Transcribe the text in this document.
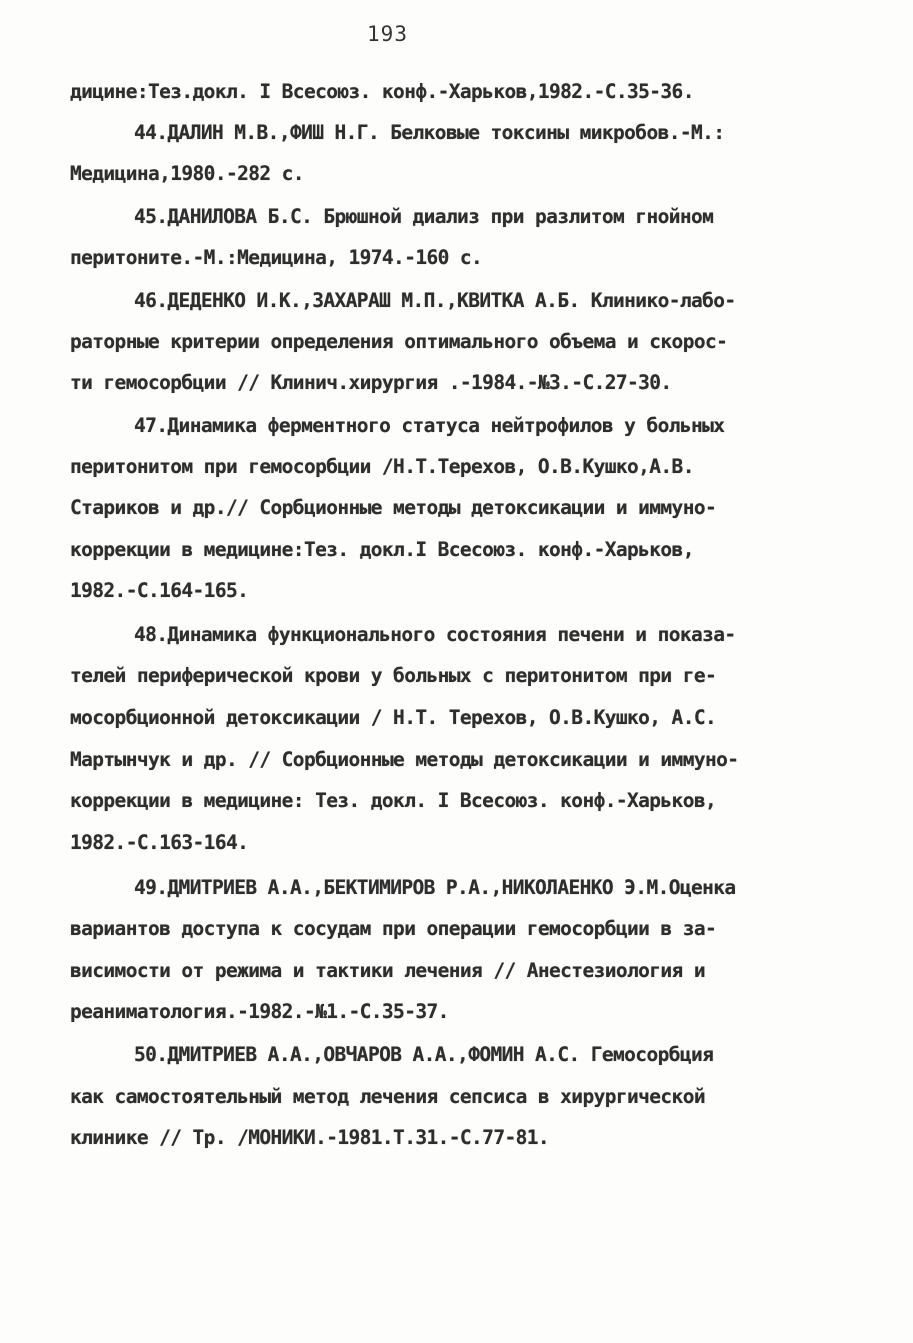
193
дицине:Тез.докл. I Всесоюз. конф.-Харьков,1982.-С.35-36.
44.ДАЛИН М.В.,ФИШ Н.Г. Белковые токсины микробов.-М.:
Медицина,1980.-282 с.
45.ДАНИЛОВА Б.С. Брюшной диализ при разлитом гнойном
перитоните.-М.:Медицина, 1974.-160 с.
46.ДЕДЕНКО И.К.,ЗАХАРАШ М.П.,КВИТКА А.Б. Клинико-лабо-
раторные критерии определения оптимального объема и скорос-
ти гемосорбции // Клинич.хирургия .-1984.-№3.-С.27-30.
47.Динамика ферментного статуса нейтрофилов у больных
перитонитом при гемосорбции /Н.Т.Терехов, О.В.Кушко,А.В.
Стариков и др.// Сорбционные методы детоксикации и иммуно-
коррекции в медицине:Тез. докл.I Всесоюз. конф.-Харьков,
1982.-С.164-165.
48.Динамика функционального состояния печени и показа-
телей периферической крови у больных с перитонитом при ге-
мосорбционной детоксикации / Н.Т. Терехов, О.В.Кушко, А.С.
Мартынчук и др. // Сорбционные методы детоксикации и иммуно-
коррекции в медицине: Тез. докл. I Всесоюз. конф.-Харьков,
1982.-С.163-164.
49.ДМИТРИЕВ А.А.,БЕКТИМИРОВ Р.А.,НИКОЛАЕНКО Э.М.Оценка
вариантов доступа к сосудам при операции гемосорбции в за-
висимости от режима и тактики лечения // Анестезиология и
реаниматология.-1982.-№1.-С.35-37.
50.ДМИТРИЕВ А.А.,ОВЧАРОВ А.А.,ФОМИН А.С. Гемосорбция
как самостоятельный метод лечения сепсиса в хирургической
клинике // Тр. /МОНИКИ.-1981.Т.31.-С.77-81.
